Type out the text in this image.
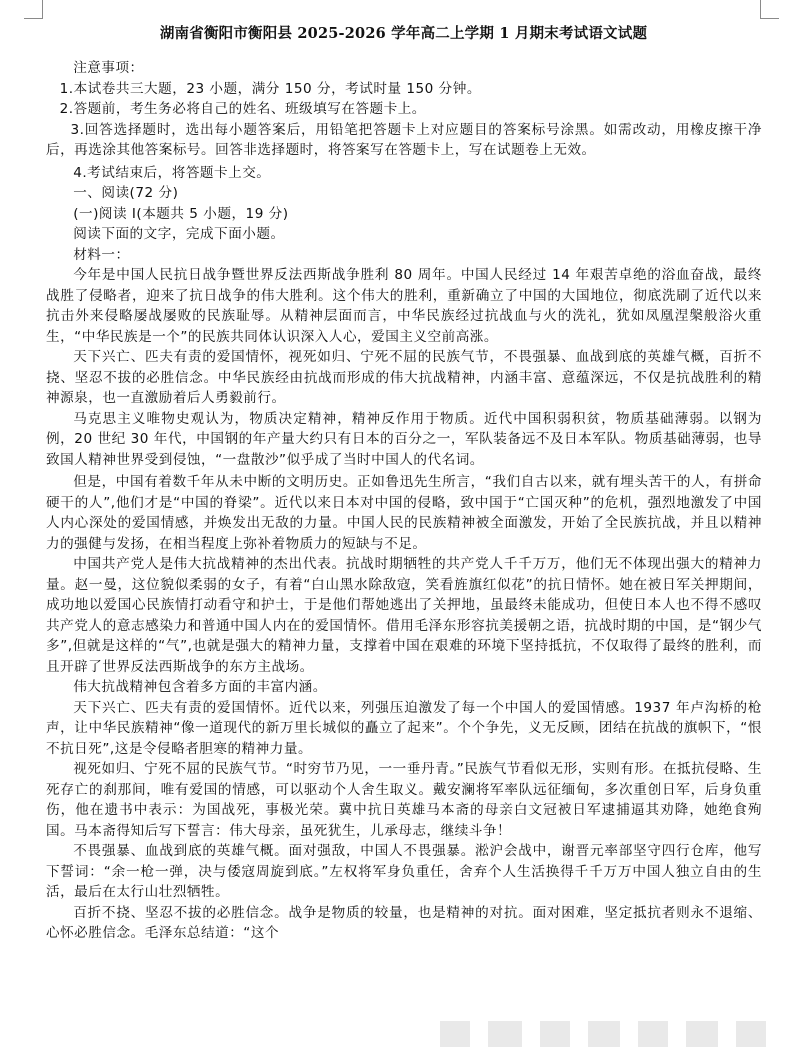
湖南省衡阳市衡阳县 2025-2026 学年高二上学期 1 月期末考试语文试题

注意事项：

1.本试卷共三大题，23 小题，满分 150 分，考试时量 150 分钟。

2.答题前，考生务必将自己的姓名、班级填写在答题卡上。

3.回答选择题时，选出每小题答案后，用铅笔把答题卡上对应题目的答案标号涂黑。如需改动，用橡皮擦干净后，再选涂其他答案标号。回答非选择题时，将答案写在答题卡上，写在试题卷上无效。

4.考试结束后，将答题卡上交。

一、阅读(72 分)

(一)阅读 I(本题共 5 小题，19 分)

阅读下面的文字，完成下面小题。

材料一：

今年是中国人民抗日战争暨世界反法西斯战争胜利 80 周年。中国人民经过 14 年艰苦卓绝的浴血奋战，最终战胜了侵略者，迎来了抗日战争的伟大胜利。这个伟大的胜利，重新确立了中国的大国地位，彻底洗刷了近代以来抗击外来侵略屡战屡败的民族耻辱。从精神层面而言，中华民族经过抗战血与火的洗礼，犹如凤凰涅槃般浴火重生，“中华民族是一个”的民族共同体认识深入人心，爱国主义空前高涨。

天下兴亡、匹夫有责的爱国情怀，视死如归、宁死不屈的民族气节，不畏强暴、血战到底的英雄气概，百折不挠、坚忍不拔的必胜信念。中华民族经由抗战而形成的伟大抗战精神，内涵丰富、意蕴深远，不仅是抗战胜利的精神源泉，也一直激励着后人勇毅前行。

马克思主义唯物史观认为，物质决定精神，精神反作用于物质。近代中国积弱积贫，物质基础薄弱。以钢为例，20 世纪 30 年代，中国钢的年产量大约只有日本的百分之一，军队装备远不及日本军队。物质基础薄弱，也导致国人精神世界受到侵蚀，“一盘散沙”似乎成了当时中国人的代名词。

但是，中国有着数千年从未中断的文明历史。正如鲁迅先生所言，“我们自古以来，就有埋头苦干的人，有拼命硬干的人”,他们才是“中国的脊梁”。近代以来日本对中国的侵略，致中国于“亡国灭种”的危机，强烈地激发了中国人内心深处的爱国情感，并焕发出无敌的力量。中国人民的民族精神被全面激发，开始了全民族抗战，并且以精神力的强健与发扬，在相当程度上弥补着物质力的短缺与不足。

中国共产党人是伟大抗战精神的杰出代表。抗战时期牺牲的共产党人千千万万，他们无不体现出强大的精神力量。赵一曼，这位貌似柔弱的女子，有着“白山黑水除敌寇，笑看旌旗红似花”的抗日情怀。她在被日军关押期间，成功地以爱国心民族情打动看守和护士，于是他们帮她逃出了关押地，虽最终未能成功，但使日本人也不得不感叹共产党人的意志感染力和普通中国人内在的爱国情怀。借用毛泽东形容抗美援朝之语，抗战时期的中国，是“钢少气多”,但就是这样的“气”,也就是强大的精神力量，支撑着中国在艰难的环境下坚持抵抗，不仅取得了最终的胜利，而且开辟了世界反法西斯战争的东方主战场。

伟大抗战精神包含着多方面的丰富内涵。

天下兴亡、匹夫有责的爱国情怀。近代以来，列强压迫激发了每一个中国人的爱国情感。1937 年卢沟桥的枪声，让中华民族精神“像一道现代的新万里长城似的矗立了起来”。个个争先，义无反顾，团结在抗战的旗帜下，“恨不抗日死”,这是令侵略者胆寒的精神力量。

视死如归、宁死不屈的民族气节。“时穷节乃见，一一垂丹青。”民族气节看似无形，实则有形。在抵抗侵略、生死存亡的刹那间，唯有爱国的情感，可以驱动个人舍生取义。戴安澜将军率队远征缅甸，多次重创日军，后身负重伤，他在遗书中表示：为国战死，事极光荣。冀中抗日英雄马本斋的母亲白文冠被日军逮捕逼其劝降，她绝食殉国。马本斋得知后写下誓言：伟大母亲，虽死犹生，儿承母志，继续斗争！

不畏强暴、血战到底的英雄气概。面对强敌，中国人不畏强暴。淞沪会战中，谢晋元率部坚守四行仓库，他写下誓词：“余一枪一弹，决与倭寇周旋到底。”左权将军身负重任，舍弃个人生活换得千千万万中国人独立自由的生活，最后在太行山壮烈牺牲。

百折不挠、坚忍不拔的必胜信念。战争是物质的较量，也是精神的对抗。面对困难，坚定抵抗者则永不退缩、心怀必胜信念。毛泽东总结道：“这个
